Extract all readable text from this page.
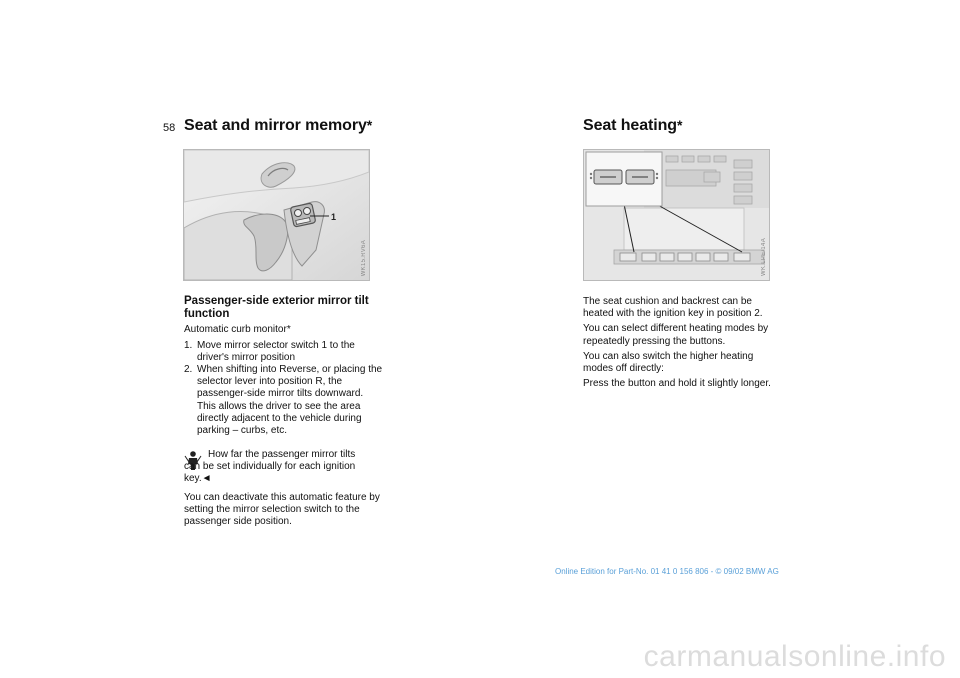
58 Seat and mirror memory*	Seat heating*
1
WK15.RV6A	WK.LPE/14A
Passenger-side exterior mirror tilt function
Automatic curb monitor*
1. Move mirror selector switch 1 to the driver's mirror position
2. When shifting into Reverse, or placing the selector lever into position R, the passenger-side mirror tilts downward. This allows the driver to see the area directly adjacent to the vehicle during parking – curbs, etc.
How far the passenger mirror tilts can be set individually for each ignition key.◄
You can deactivate this automatic feature by setting the mirror selection switch to the passenger side position.

The seat cushion and backrest can be heated with the ignition key in position 2.

You can select different heating modes by repeatedly pressing the buttons.

You can also switch the higher heating modes off directly:

Press the button and hold it slightly longer.

Online Edition for Part-No. 01 41 0 156 806 - © 09/02 BMW AG
carmanualsonline.info
